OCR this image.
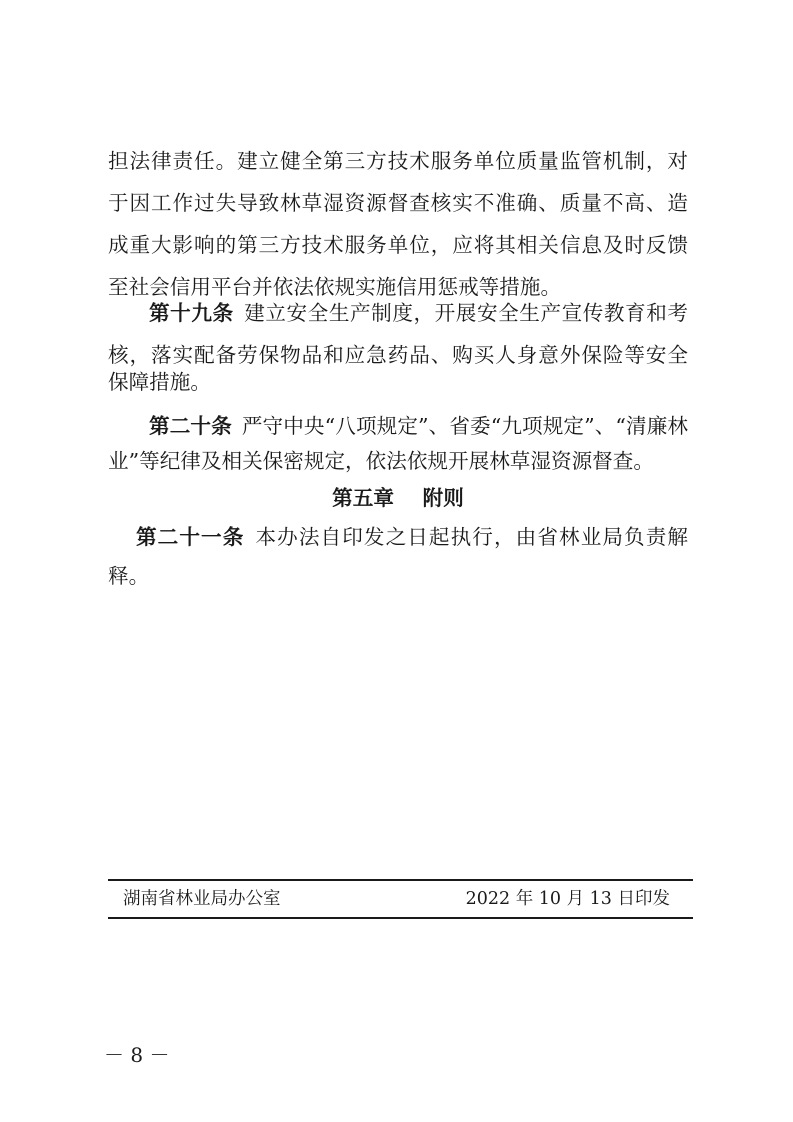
担法律责任。建立健全第三方技术服务单位质量监管机制，对
于因工作过失导致林草湿资源督查核实不准确、质量不高、造
成重大影响的第三方技术服务单位，应将其相关信息及时反馈
至社会信用平台并依法依规实施信用惩戒等措施。
第十九条 建立安全生产制度，开展安全生产宣传教育和考
核，落实配备劳保物品和应急药品、购买人身意外保险等安全
保障措施。
第二十条 严守中央“八项规定”、省委“九项规定”、“清廉林
业”等纪律及相关保密规定，依法依规开展林草湿资源督查。
第五章    附则
第二十一条 本办法自印发之日起执行，由省林业局负责解
释。
湖南省林业局办公室	2022 年 10 月 13 日印发
－ 8 －
